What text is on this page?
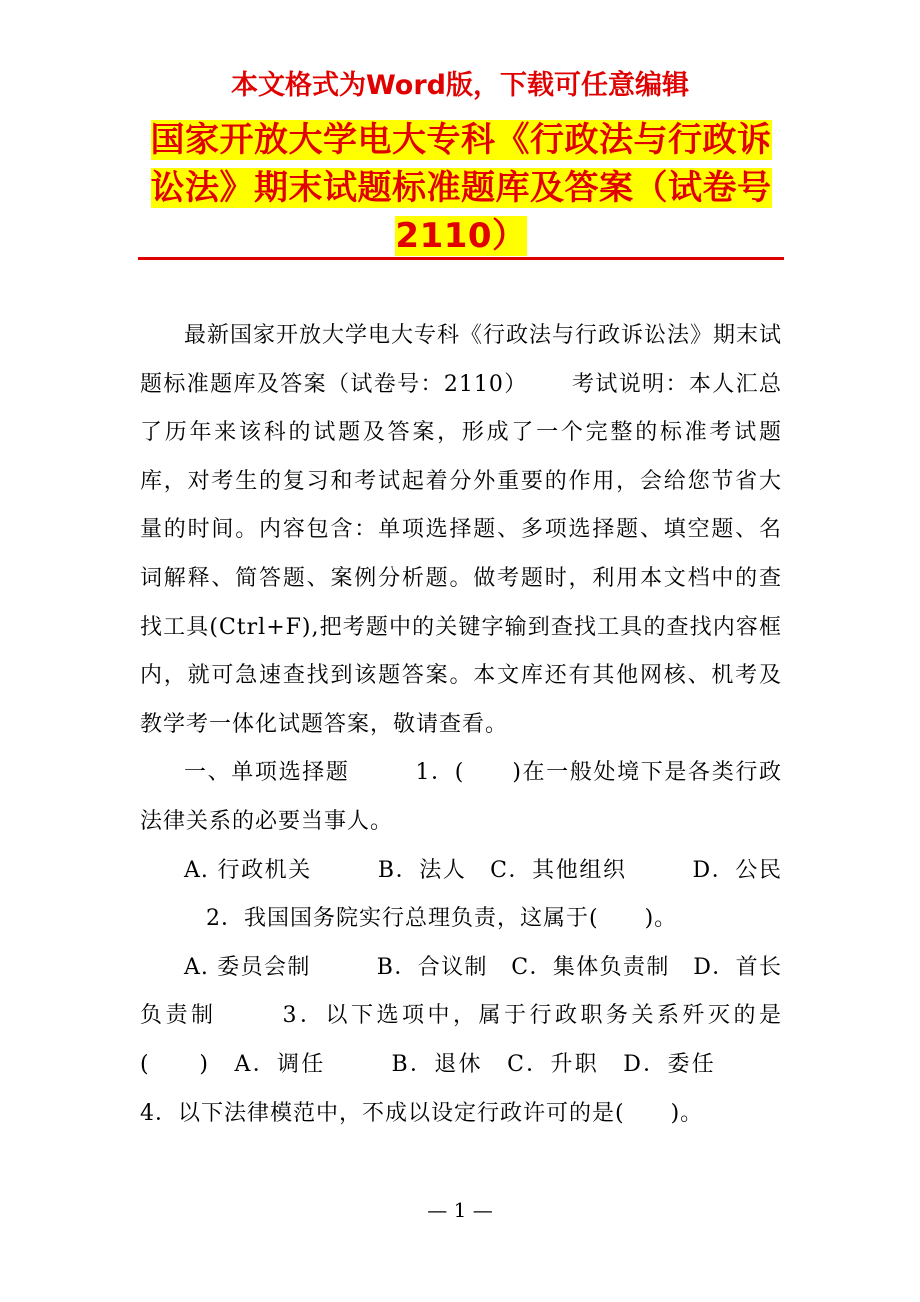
本文格式为Word版，下载可任意编辑
国家开放大学电大专科《行政法与行政诉讼法》期末试题标准题库及答案（试卷号2110）

最新国家开放大学电大专科《行政法与行政诉讼法》期末试题标准题库及答案（试卷号：2110） 考试说明：本人汇总了历年来该科的试题及答案，形成了一个完整的标准考试题库，对考生的复习和考试起着分外重要的作用，会给您节省大量的时间。内容包含：单项选择题、多项选择题、填空题、名词解释、简答题、案例分析题。做考题时，利用本文档中的查找工具(Ctrl+F),把考题中的关键字输到查找工具的查找内容框内，就可急速查找到该题答案。本文库还有其他网核、机考及教学考一体化试题答案，敬请查看。

一、单项选择题	1．(　　)在一般处境下是各类行政法律关系的必要当事人。

A. 行政机关	B．法人　 C．其他组织	D．公民2．我国国务院实行总理负责，这属于(　　)。

A. 委员会制	B．合议制　 C．集体负责制　 D．首长负责制	3．以下选项中，属于行政职务关系歼灭的是(　　)　 A．调任	B．退休　 C．升职　 D．委任4．以下法律模范中，不成以设定行政许可的是(　　)。

— 1 —
